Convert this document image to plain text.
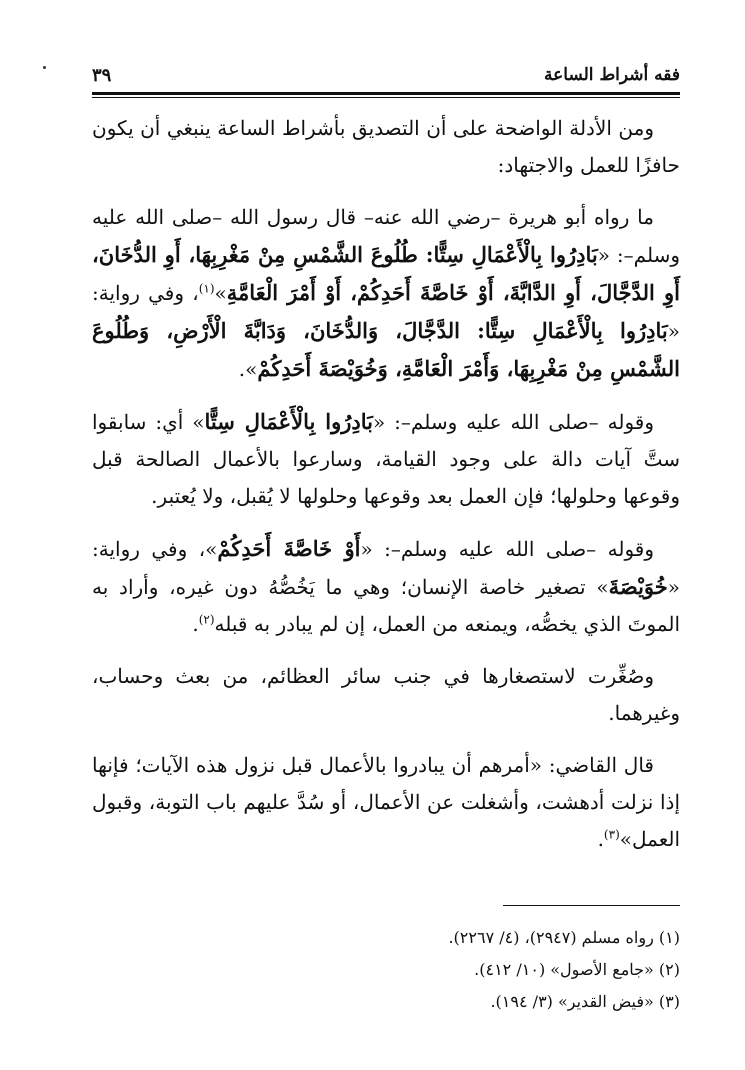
فقه أشراط الساعة
٣٩

ومن الأدلة الواضحة على أن التصديق بأشراط الساعة ينبغي أن يكون حافزًا للعمل والاجتهاد:

ما رواه أبو هريرة –رضي الله عنه– قال رسول الله –صلى الله عليه وسلم–: «بَادِرُوا بِالْأَعْمَالِ سِتًّا: طُلُوعَ الشَّمْسِ مِنْ مَغْرِبِهَا، أَوِ الدُّخَانَ، أَوِ الدَّجَّالَ، أَوِ الدَّابَّةَ، أَوْ خَاصَّةَ أَحَدِكُمْ، أَوْ أَمْرَ الْعَامَّةِ»$^{(١)}$، وفي رواية: «بَادِرُوا بِالْأَعْمَالِ سِتًّا: الدَّجَّالَ، وَالدُّخَانَ، وَدَابَّةَ الْأَرْضِ، وَطُلُوعَ الشَّمْسِ مِنْ مَغْرِبِهَا، وَأَمْرَ الْعَامَّةِ، وَخُوَيْصَةَ أَحَدِكُمْ».

وقوله –صلى الله عليه وسلم–: «بَادِرُوا بِالْأَعْمَالِ سِتًّا» أي: سابقوا ستَّ آيات دالة على وجود القيامة، وسارعوا بالأعمال الصالحة قبل وقوعها وحلولها؛ فإن العمل بعد وقوعها وحلولها لا يُقبل، ولا يُعتبر.

وقوله –صلى الله عليه وسلم–: «أَوْ خَاصَّةَ أَحَدِكُمْ»، وفي رواية: «خُوَيْصَةَ» تصغير خاصة الإنسان؛ وهي ما يَخُصُّهُ دون غيره، وأراد به الموتَ الذي يخصُّه، ويمنعه من العمل، إن لم يبادر به قبله$^{(٢)}$.

وصُغِّرت لاستصغارها في جنب سائر العظائم، من بعث وحساب، وغيرهما.

قال القاضي: «أمرهم أن يبادروا بالأعمال قبل نزول هذه الآيات؛ فإنها إذا نزلت أدهشت، وأشغلت عن الأعمال، أو سُدَّ عليهم باب التوبة، وقبول العمل»$^{(٣)}$.

(١) رواه مسلم (٢٩٤٧)، (٤/ ٢٢٦٧).

(٢) «جامع الأصول» (١٠/ ٤١٢).

(٣) «فيض القدير» (٣/ ١٩٤).
